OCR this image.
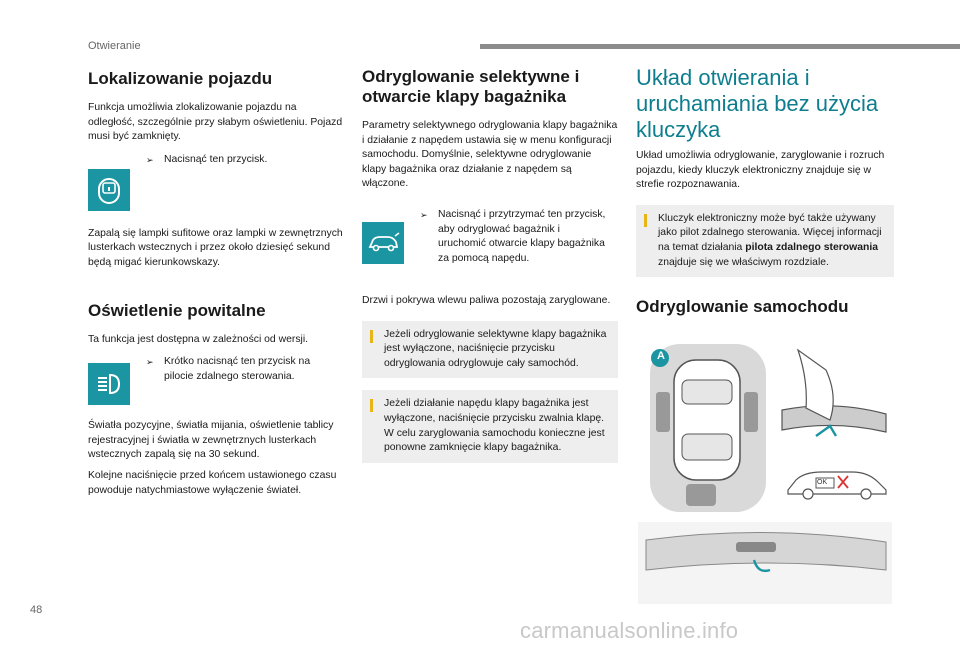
Otwieranie
Lokalizowanie pojazdu

Funkcja umożliwia zlokalizowanie pojazdu na odległość, szczególnie przy słabym oświetleniu. Pojazd musi być zamknięty.

➢	Nacisnąć ten przycisk.

Zapalą się lampki sufitowe oraz lampki w zewnętrznych lusterkach wstecznych i przez około dziesięć sekund będą migać kierunkowskazy.

Oświetlenie powitalne

Ta funkcja jest dostępna w zależności od wersji.

➢	Krótko nacisnąć ten przycisk na pilocie zdalnego sterowania.

Światła pozycyjne, światła mijania, oświetlenie tablicy rejestracyjnej i światła w zewnętrznych lusterkach wstecznych zapalą się na 30 sekund.

Kolejne naciśnięcie przed końcem ustawionego czasu powoduje natychmiastowe wyłączenie świateł.

Odryglowanie selektywne i otwarcie klapy bagażnika

Parametry selektywnego odryglowania klapy bagażnika i działanie z napędem ustawia się w menu konfiguracji samochodu. Domyślnie, selektywne odryglowanie klapy bagażnika oraz działanie z napędem są włączone.

➢	Nacisnąć i przytrzymać ten przycisk, aby odryglować bagażnik i uruchomić otwarcie klapy bagażnika za pomocą napędu.

Drzwi i pokrywa wlewu paliwa pozostają zaryglowane.

Jeżeli odryglowanie selektywne klapy bagażnika jest wyłączone, naciśnięcie przycisku odryglowania odryglowuje cały samochód.

Jeżeli działanie napędu klapy bagażnika jest wyłączone, naciśnięcie przycisku zwalnia klapę. W celu zaryglowania samochodu konieczne jest ponowne zamknięcie klapy bagażnika.

Układ otwierania i uruchamiania bez użycia kluczyka

Układ umożliwia odryglowanie, zaryglowanie i rozruch pojazdu, kiedy kluczyk elektroniczny znajduje się w strefie rozpoznawania.

Kluczyk elektroniczny może być także używany jako pilot zdalnego sterowania. Więcej informacji na temat działania pilota zdalnego sterowania znajduje się we właściwym rozdziale.

Odryglowanie samochodu
A
OK
48
carmanualsonline.info
